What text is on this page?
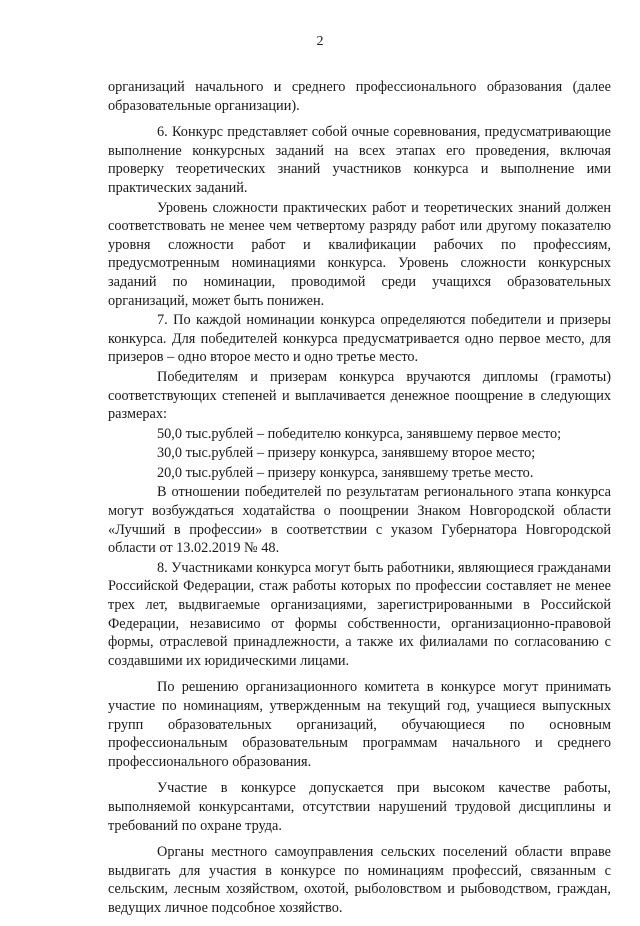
2

организаций начального и среднего профессионального образования (далее образовательные организации).

6. Конкурс представляет собой очные соревнования, предусматривающие выполнение конкурсных заданий на всех этапах его проведения, включая проверку теоретических знаний участников конкурса и выполнение ими практических заданий.

Уровень сложности практических работ и теоретических знаний должен соответствовать не менее чем четвертому разряду работ или другому показателю уровня сложности работ и квалификации рабочих по профессиям, предусмотренным номинациями конкурса. Уровень сложности конкурсных заданий по номинации, проводимой среди учащихся образовательных организаций, может быть понижен.

7. По каждой номинации конкурса определяются победители и призеры конкурса. Для победителей конкурса предусматривается одно первое место, для призеров – одно второе место и одно третье место.

Победителям и призерам конкурса вручаются дипломы (грамоты) соответствующих степеней и выплачивается денежное поощрение в следующих размерах:

50,0 тыс.рублей – победителю конкурса, занявшему первое место;

30,0 тыс.рублей – призеру конкурса, занявшему второе место;

20,0 тыс.рублей – призеру конкурса, занявшему третье место.

В отношении победителей по результатам регионального этапа конкурса могут возбуждаться ходатайства о поощрении Знаком Новгородской области «Лучший в профессии» в соответствии с указом Губернатора Новгородской области от 13.02.2019 № 48.

8. Участниками конкурса могут быть работники, являющиеся гражданами Российской Федерации, стаж работы которых по профессии составляет не менее трех лет, выдвигаемые организациями, зарегистрированными в Российской Федерации, независимо от формы собственности, организационно-правовой формы, отраслевой принадлежности, а также их филиалами по согласованию с создавшими их юридическими лицами.

По решению организационного комитета в конкурсе могут принимать участие по номинациям, утвержденным на текущий год, учащиеся выпускных групп образовательных организаций, обучающиеся по основным профессиональным образовательным программам начального и среднего профессионального образования.

Участие в конкурсе допускается при высоком качестве работы, выполняемой конкурсантами, отсутствии нарушений трудовой дисциплины и требований по охране труда.

Органы местного самоуправления сельских поселений области вправе выдвигать для участия в конкурсе по номинациям профессий, связанным с сельским, лесным хозяйством, охотой, рыболовством и рыбоводством, граждан, ведущих личное подсобное хозяйство.
